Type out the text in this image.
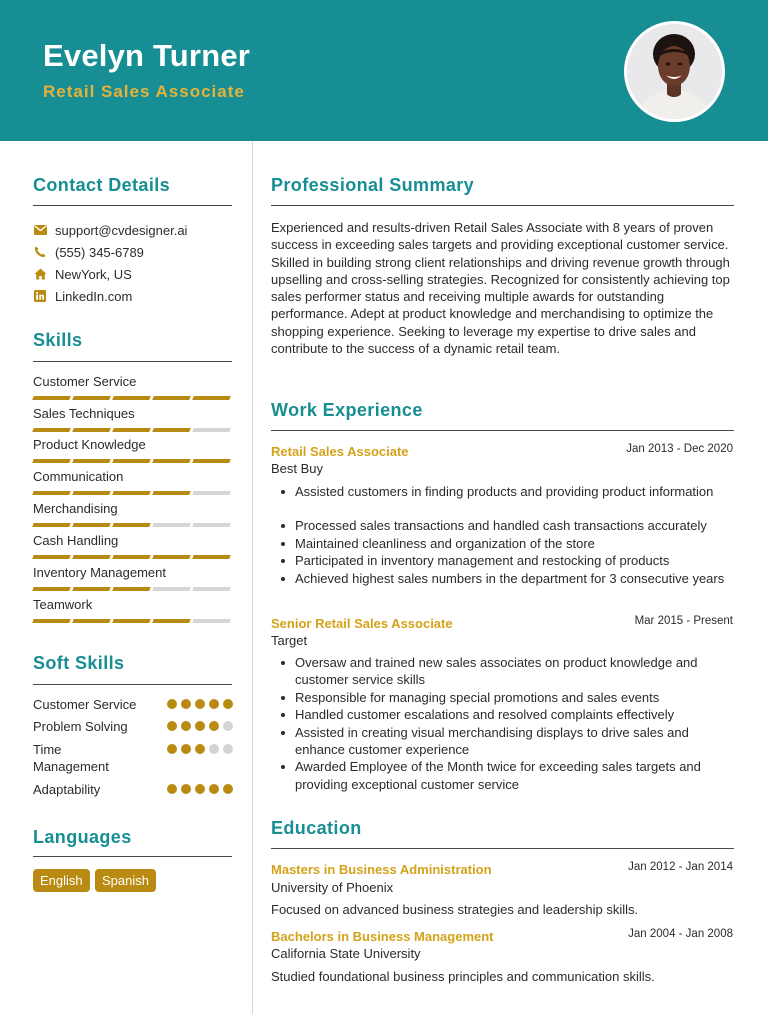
Evelyn Turner
Retail Sales Associate
Contact Details
support@cvdesigner.ai
(555) 345-6789
NewYork, US
LinkedIn.com
Skills
Customer Service
Sales Techniques
Product Knowledge
Communication
Merchandising
Cash Handling
Inventory Management
Teamwork
Soft Skills
Customer Service
Problem Solving
Time Management
Adaptability
Languages
English	Spanish
Professional Summary
Experienced and results-driven Retail Sales Associate with 8 years of proven success in exceeding sales targets and providing exceptional customer service. Skilled in building strong client relationships and driving revenue growth through upselling and cross-selling strategies. Recognized for consistently achieving top sales performer status and receiving multiple awards for outstanding performance. Adept at product knowledge and merchandising to optimize the shopping experience. Seeking to leverage my expertise to drive sales and contribute to the success of a dynamic retail team.
Work Experience
Retail Sales Associate	Jan 2013 - Dec 2020
Best Buy
Assisted customers in finding products and providing product information
Processed sales transactions and handled cash transactions accurately
Maintained cleanliness and organization of the store
Participated in inventory management and restocking of products
Achieved highest sales numbers in the department for 3 consecutive years
Senior Retail Sales Associate	Mar 2015 - Present
Target
Oversaw and trained new sales associates on product knowledge and customer service skills
Responsible for managing special promotions and sales events
Handled customer escalations and resolved complaints effectively
Assisted in creating visual merchandising displays to drive sales and enhance customer experience
Awarded Employee of the Month twice for exceeding sales targets and providing exceptional customer service
Education
Masters in Business Administration	Jan 2012 - Jan 2014
University of Phoenix
Focused on advanced business strategies and leadership skills.
Bachelors in Business Management	Jan 2004 - Jan 2008
California State University
Studied foundational business principles and communication skills.
